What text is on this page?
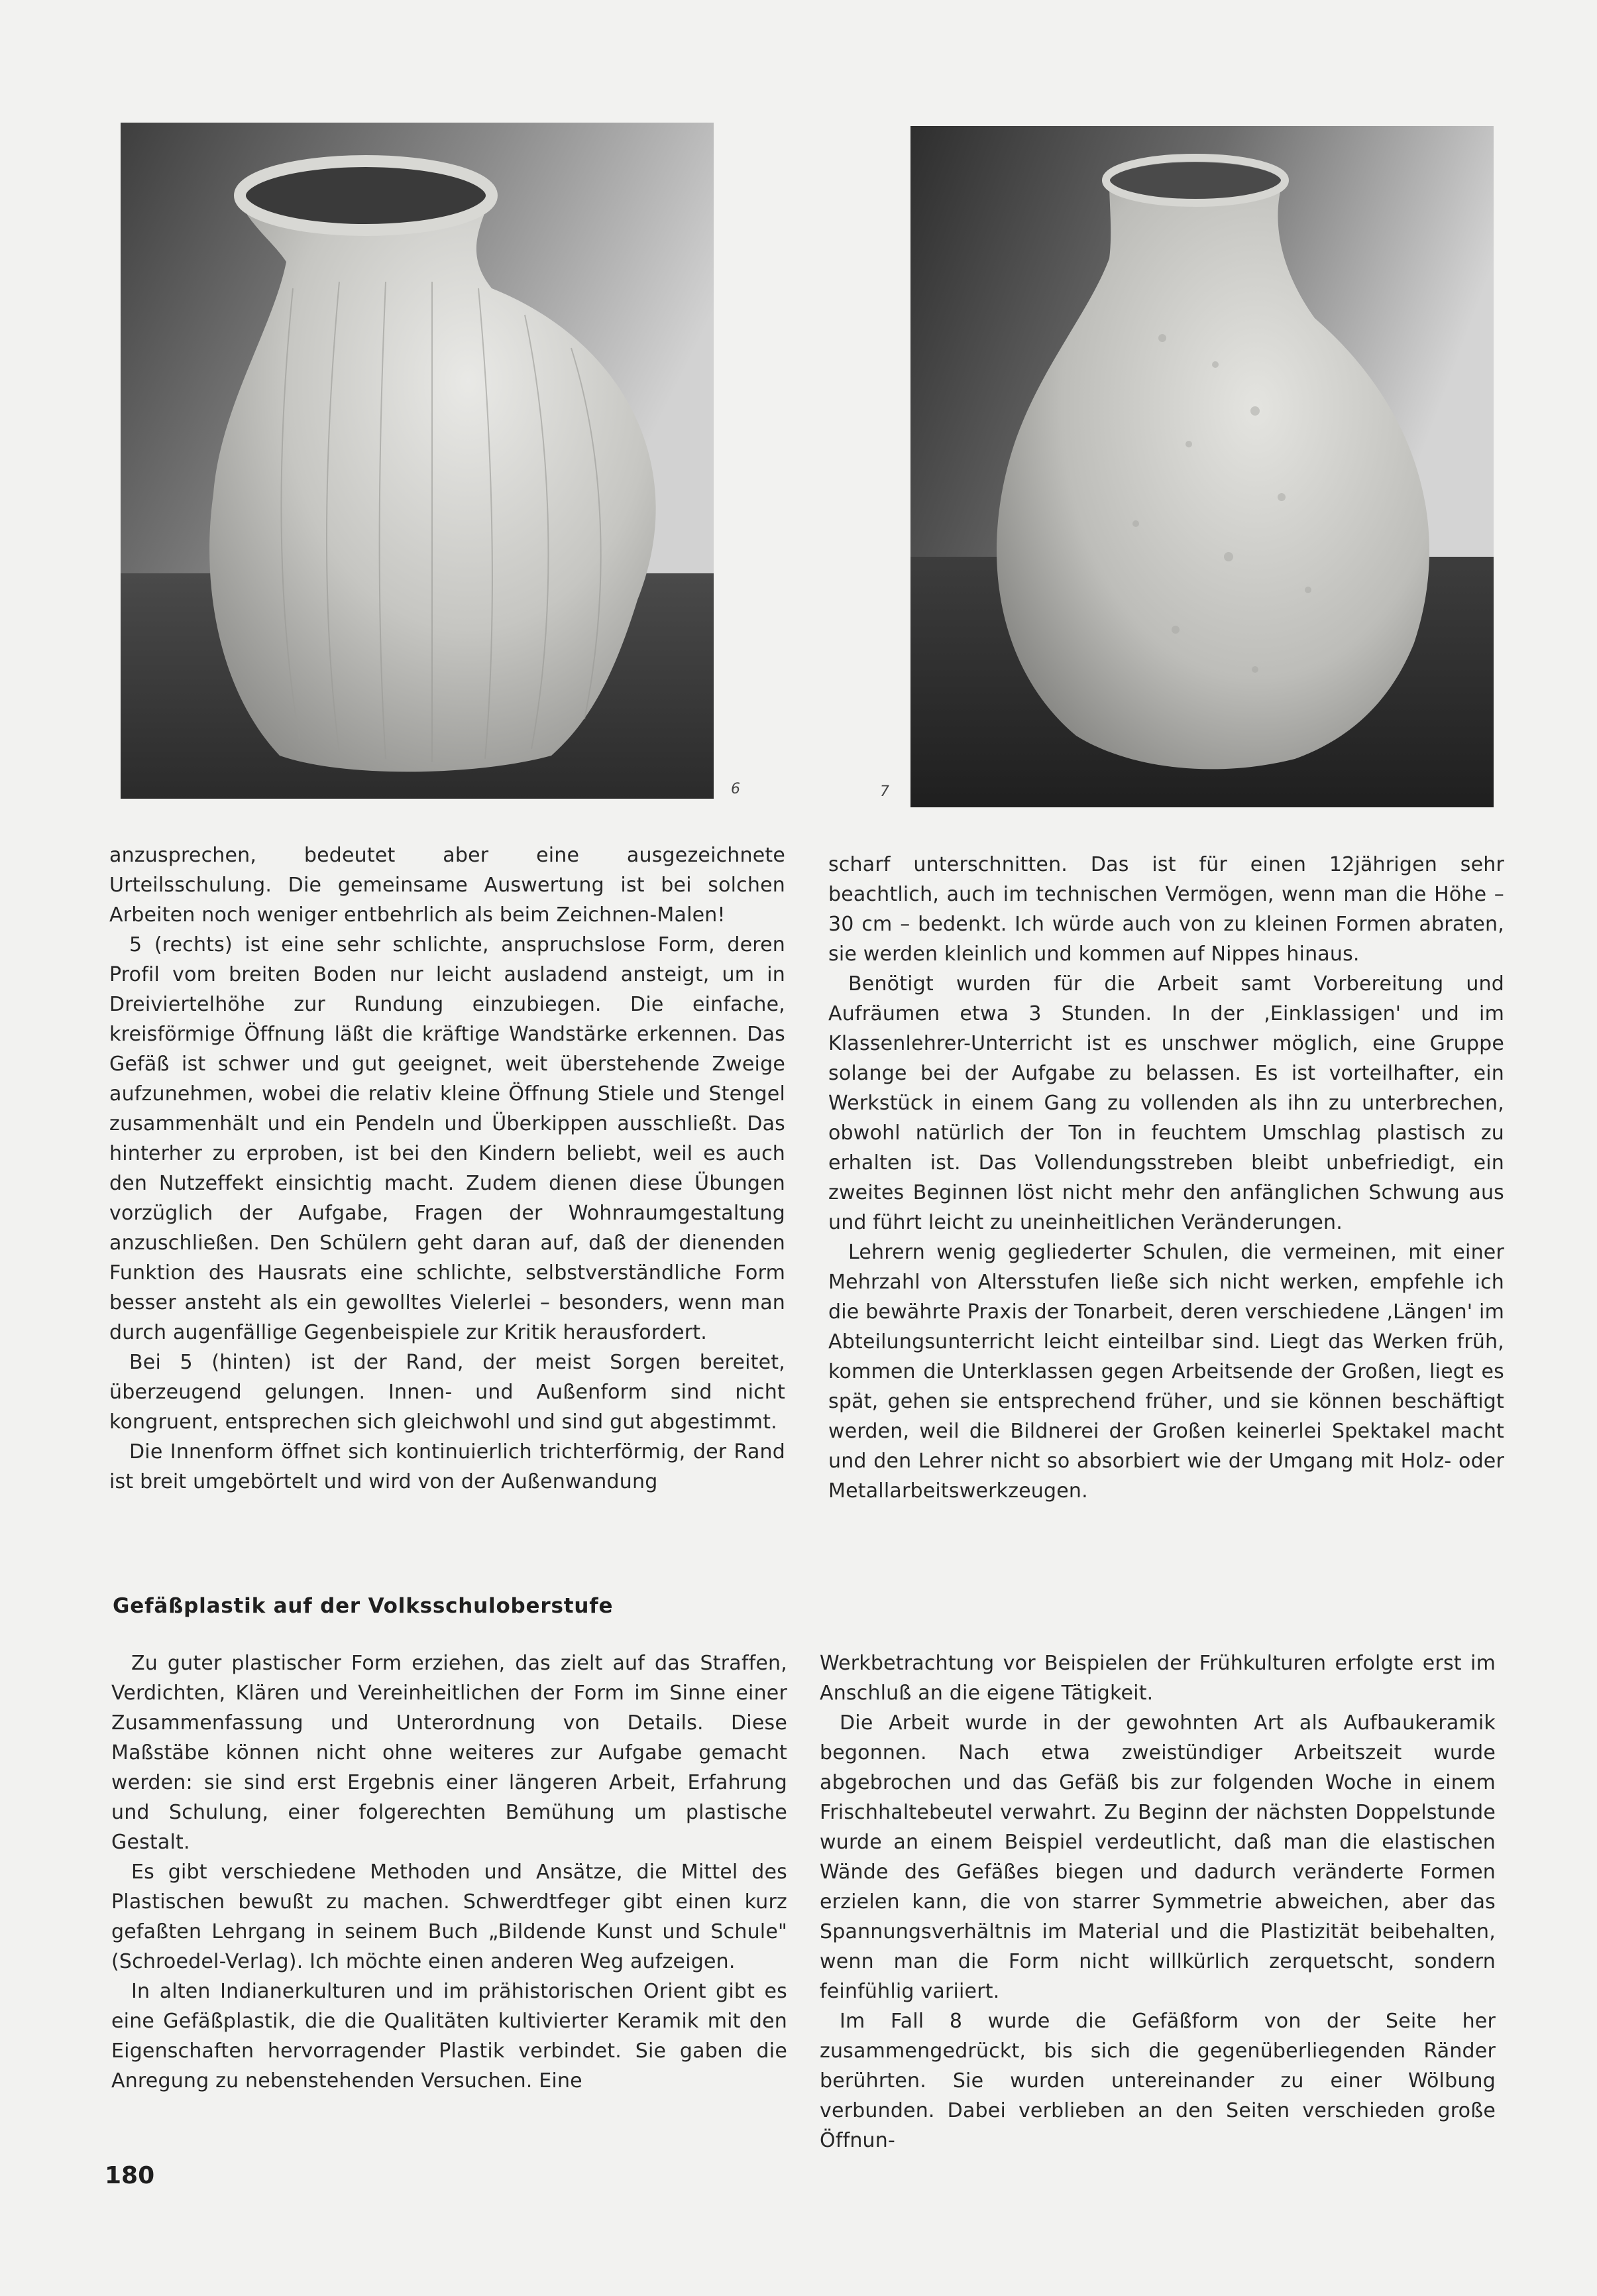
6	7

anzusprechen, bedeutet aber eine ausgezeichnete Urteilsschulung. Die gemeinsame Auswertung ist bei solchen Arbeiten noch weniger entbehrlich als beim Zeichnen-Malen!

5 (rechts) ist eine sehr schlichte, anspruchslose Form, deren Profil vom breiten Boden nur leicht ausladend ansteigt, um in Dreiviertelhöhe zur Rundung einzubiegen. Die einfache, kreisförmige Öffnung läßt die kräftige Wandstärke erkennen. Das Gefäß ist schwer und gut geeignet, weit überstehende Zweige aufzunehmen, wobei die relativ kleine Öffnung Stiele und Stengel zusammenhält und ein Pendeln und Überkippen ausschließt. Das hinterher zu erproben, ist bei den Kindern beliebt, weil es auch den Nutzeffekt einsichtig macht. Zudem dienen diese Übungen vorzüglich der Aufgabe, Fragen der Wohnraumgestaltung anzuschließen. Den Schülern geht daran auf, daß der dienenden Funktion des Hausrats eine schlichte, selbstverständliche Form besser ansteht als ein gewolltes Vielerlei – besonders, wenn man durch augenfällige Gegenbeispiele zur Kritik herausfordert.

Bei 5 (hinten) ist der Rand, der meist Sorgen bereitet, überzeugend gelungen. Innen- und Außenform sind nicht kongruent, entsprechen sich gleichwohl und sind gut abgestimmt.

Die Innenform öffnet sich kontinuierlich trichterförmig, der Rand ist breit umgebörtelt und wird von der Außenwandung

scharf unterschnitten. Das ist für einen 12jährigen sehr beachtlich, auch im technischen Vermögen, wenn man die Höhe – 30 cm – bedenkt. Ich würde auch von zu kleinen Formen abraten, sie werden kleinlich und kommen auf Nippes hinaus.

Benötigt wurden für die Arbeit samt Vorbereitung und Aufräumen etwa 3 Stunden. In der ‚Einklassigen' und im Klassenlehrer-Unterricht ist es unschwer möglich, eine Gruppe solange bei der Aufgabe zu belassen. Es ist vorteilhafter, ein Werkstück in einem Gang zu vollenden als ihn zu unterbrechen, obwohl natürlich der Ton in feuchtem Umschlag plastisch zu erhalten ist. Das Vollendungsstreben bleibt unbefriedigt, ein zweites Beginnen löst nicht mehr den anfänglichen Schwung aus und führt leicht zu uneinheitlichen Veränderungen.

Lehrern wenig gegliederter Schulen, die vermeinen, mit einer Mehrzahl von Altersstufen ließe sich nicht werken, empfehle ich die bewährte Praxis der Tonarbeit, deren verschiedene ‚Längen' im Abteilungsunterricht leicht einteilbar sind. Liegt das Werken früh, kommen die Unterklassen gegen Arbeitsende der Großen, liegt es spät, gehen sie entsprechend früher, und sie können beschäftigt werden, weil die Bildnerei der Großen keinerlei Spektakel macht und den Lehrer nicht so absorbiert wie der Umgang mit Holz- oder Metallarbeitswerkzeugen.

Gefäßplastik auf der Volksschuloberstufe

Zu guter plastischer Form erziehen, das zielt auf das Straffen, Verdichten, Klären und Vereinheitlichen der Form im Sinne einer Zusammenfassung und Unterordnung von Details. Diese Maßstäbe können nicht ohne weiteres zur Aufgabe gemacht werden: sie sind erst Ergebnis einer längeren Arbeit, Erfahrung und Schulung, einer folgerechten Bemühung um plastische Gestalt.

Es gibt verschiedene Methoden und Ansätze, die Mittel des Plastischen bewußt zu machen. Schwerdtfeger gibt einen kurz gefaßten Lehrgang in seinem Buch „Bildende Kunst und Schule" (Schroedel-Verlag). Ich möchte einen anderen Weg aufzeigen.

In alten Indianerkulturen und im prähistorischen Orient gibt es eine Gefäßplastik, die die Qualitäten kultivierter Keramik mit den Eigenschaften hervorragender Plastik verbindet. Sie gaben die Anregung zu nebenstehenden Versuchen. Eine

Werkbetrachtung vor Beispielen der Frühkulturen erfolgte erst im Anschluß an die eigene Tätigkeit.

Die Arbeit wurde in der gewohnten Art als Aufbaukeramik begonnen. Nach etwa zweistündiger Arbeitszeit wurde abgebrochen und das Gefäß bis zur folgenden Woche in einem Frischhaltebeutel verwahrt. Zu Beginn der nächsten Doppelstunde wurde an einem Beispiel verdeutlicht, daß man die elastischen Wände des Gefäßes biegen und dadurch veränderte Formen erzielen kann, die von starrer Symmetrie abweichen, aber das Spannungsverhältnis im Material und die Plastizität beibehalten, wenn man die Form nicht willkürlich zerquetscht, sondern feinfühlig variiert.

Im Fall 8 wurde die Gefäßform von der Seite her zusammengedrückt, bis sich die gegenüberliegenden Ränder berührten. Sie wurden untereinander zu einer Wölbung verbunden. Dabei verblieben an den Seiten verschieden große Öffnun-

180
